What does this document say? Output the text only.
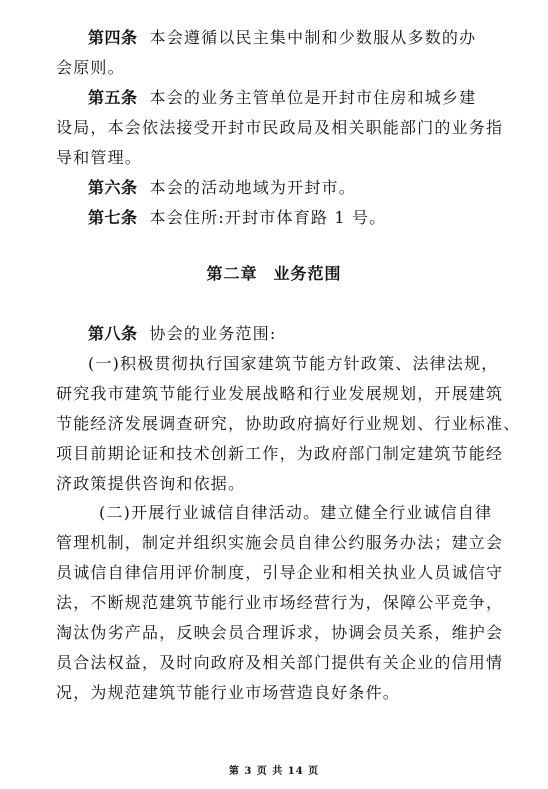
第四条 本会遵循以民主集中制和少数服从多数的办
会原则。
第五条 本会的业务主管单位是开封市住房和城乡建
设局，本会依法接受开封市民政局及相关职能部门的业务指
导和管理。
第六条 本会的活动地域为开封市。
第七条 本会住所:开封市体育路 1 号。
第二章 业务范围
第八条 协会的业务范围:
(一)积极贯彻执行国家建筑节能方针政策、法律法规，
研究我市建筑节能行业发展战略和行业发展规划，开展建筑
节能经济发展调查研究，协助政府搞好行业规划、行业标准、
项目前期论证和技术创新工作，为政府部门制定建筑节能经
济政策提供咨询和依据。
(二)开展行业诚信自律活动。建立健全行业诚信自律
管理机制，制定并组织实施会员自律公约服务办法；建立会
员诚信自律信用评价制度，引导企业和相关执业人员诚信守
法，不断规范建筑节能行业市场经营行为，保障公平竞争，
淘汰伪劣产品，反映会员合理诉求，协调会员关系，维护会
员合法权益，及时向政府及相关部门提供有关企业的信用情
况，为规范建筑节能行业市场营造良好条件。
第 3 页 共 14 页
